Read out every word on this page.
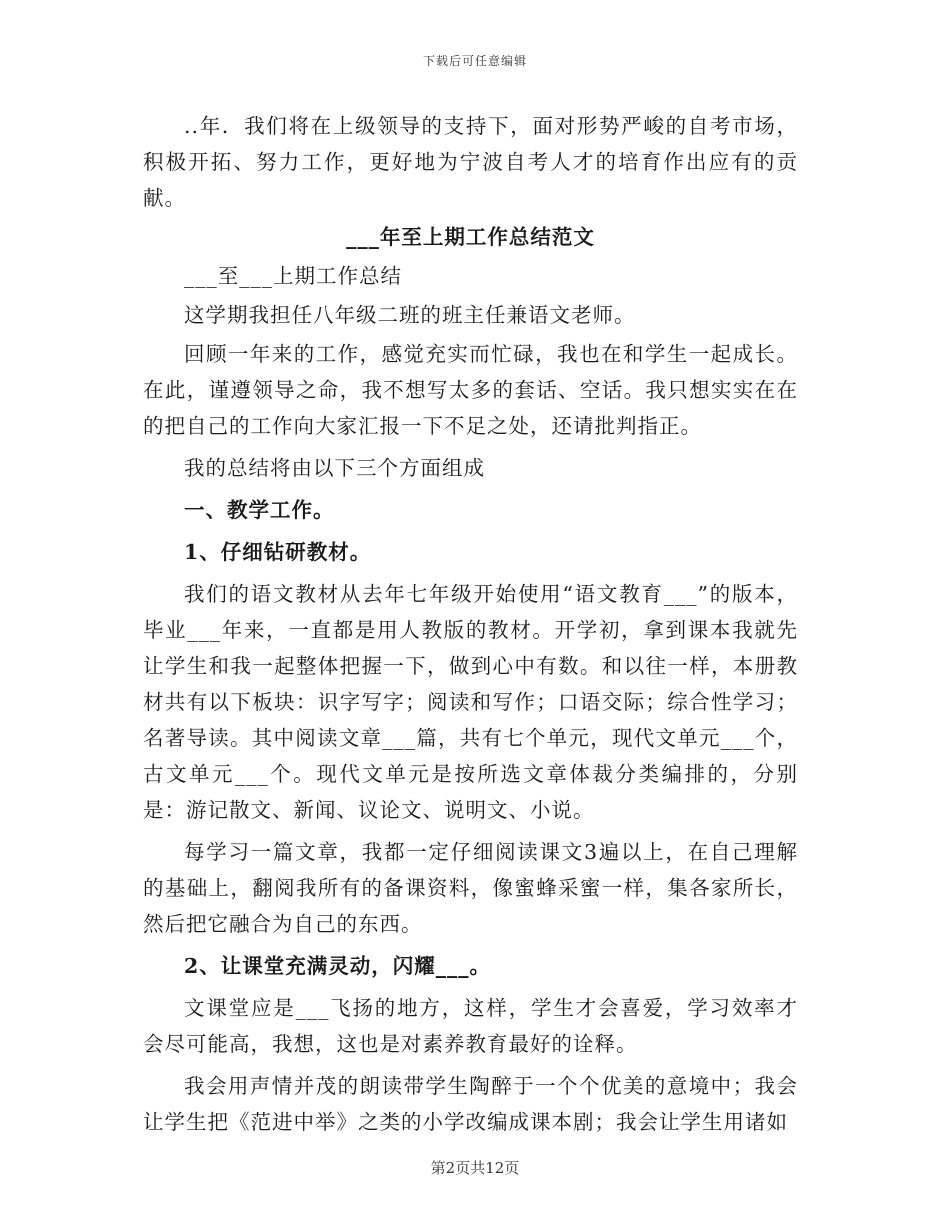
下载后可任意编辑

..年．我们将在上级领导的支持下，面对形势严峻的自考市场，积极开拓、努力工作，更好地为宁波自考人才的培育作出应有的贡献。

___年至上期工作总结范文

___至___上期工作总结

这学期我担任八年级二班的班主任兼语文老师。

回顾一年来的工作，感觉充实而忙碌，我也在和学生一起成长。在此，谨遵领导之命，我不想写太多的套话、空话。我只想实实在在的把自己的工作向大家汇报一下不足之处，还请批判指正。

我的总结将由以下三个方面组成

一、教学工作。

1、仔细钻研教材。

我们的语文教材从去年七年级开始使用“语文教育___”的版本，毕业___年来，一直都是用人教版的教材。开学初，拿到课本我就先让学生和我一起整体把握一下，做到心中有数。和以往一样，本册教材共有以下板块：识字写字；阅读和写作；口语交际；综合性学习；名著导读。其中阅读文章___篇，共有七个单元，现代文单元___个，古文单元___个。现代文单元是按所选文章体裁分类编排的，分别是：游记散文、新闻、议论文、说明文、小说。

每学习一篇文章，我都一定仔细阅读课文3遍以上，在自己理解的基础上，翻阅我所有的备课资料，像蜜蜂采蜜一样，集各家所长，然后把它融合为自己的东西。

2、让课堂充满灵动，闪耀___。

文课堂应是___飞扬的地方，这样，学生才会喜爱，学习效率才会尽可能高，我想，这也是对素养教育最好的诠释。

我会用声情并茂的朗读带学生陶醉于一个个优美的意境中；我会让学生把《范进中举》之类的小学改编成课本剧；我会让学生用诸如

第2页共12页
